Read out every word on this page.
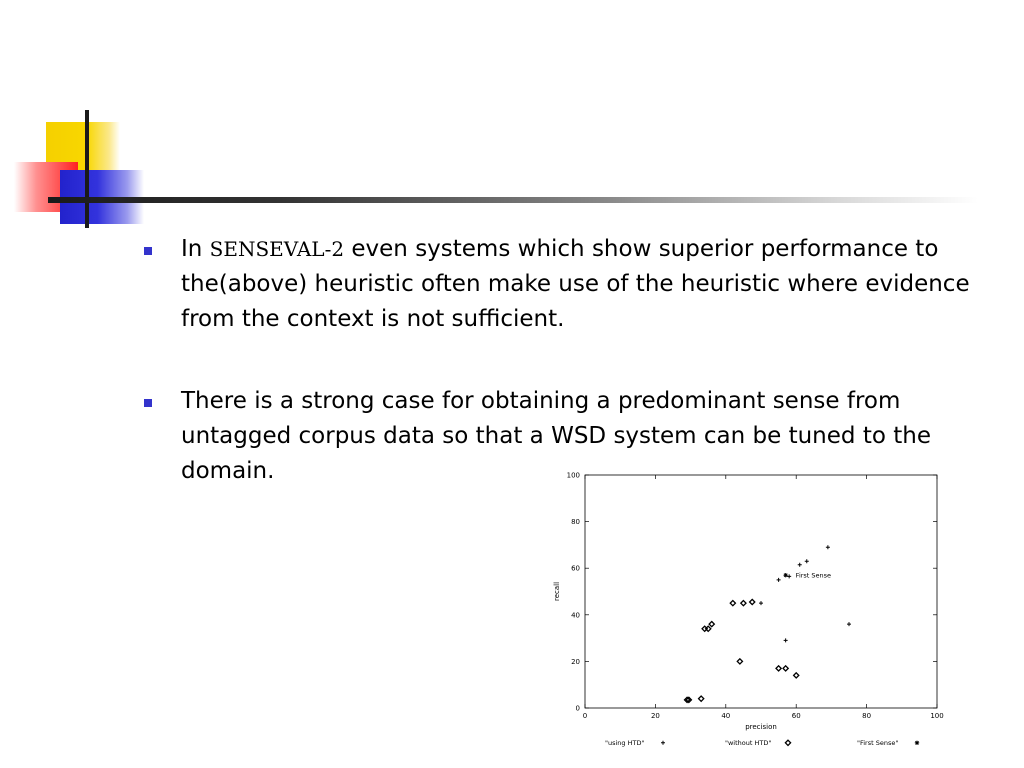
In SENSEVAL-2 even systems which show superior performance to the(above) heuristic often make use of the heuristic where evidence from the context is not sufficient.
There is a strong case for obtaining a predominant sense from untagged corpus data so that a WSD system can be tuned to the domain.
0	20	40	60	80	100
0
20
40
60
80
100
precision
recall
First Sense
"using HTD"	"without HTD"	"First Sense"
